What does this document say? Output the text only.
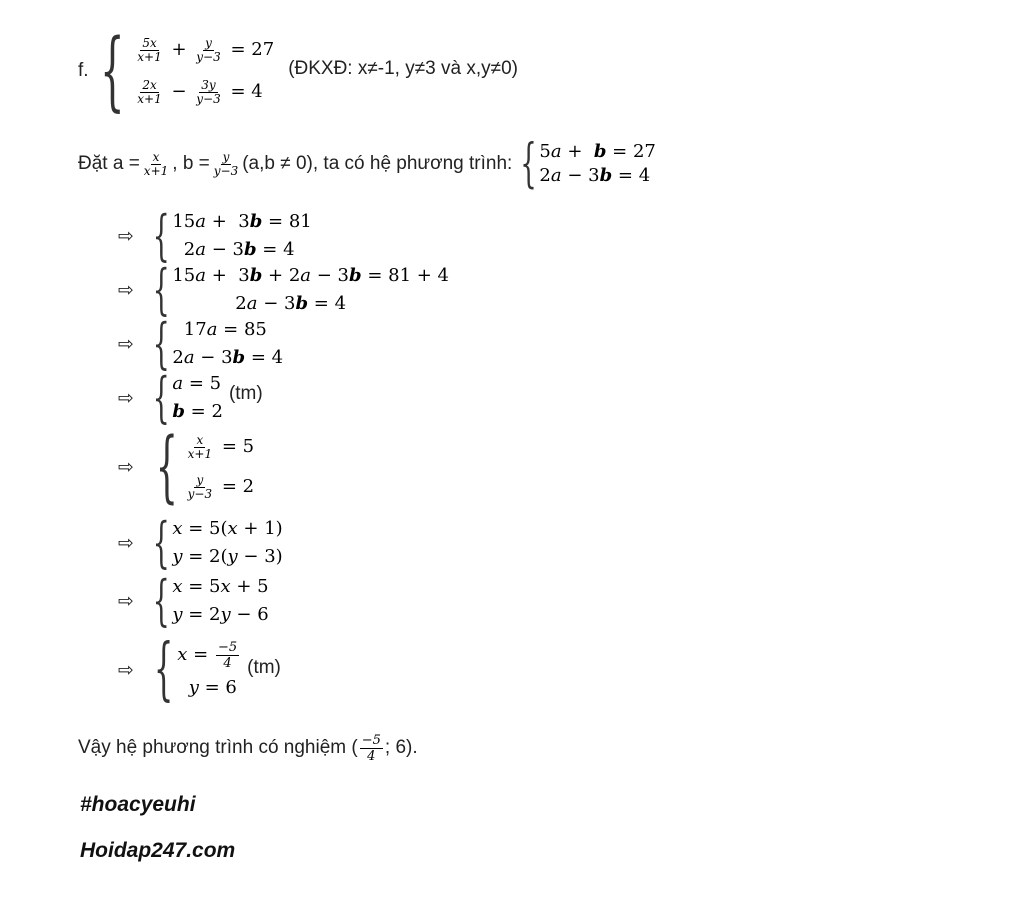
f. { $\frac{5x}{x+1} + \frac{y}{y-3} = 27$
$\frac{2x}{x+1} - \frac{3y}{y-3} = 4$
(ĐKXĐ: x≠-1, y≠3 và x,y≠0)
Đặt $a = \frac{x}{x+1}$ , $b = \frac{y}{y-3} (a,b \ne 0)$, ta có hệ phương trình: { 5a +  b = 27
2a − 3b = 4
⇨ { 15a +  3b = 81
2a − 3b = 4
⇨ { 15a +  3b + 2a − 3b = 81 + 4
2a − 3b = 4
⇨ { 17a = 85
2a − 3b = 4
⇨ { a = 5
b = 2
(tm)
⇨ { $\frac{x}{x+1} = 5$
$\frac{y}{y-3} = 2$
⇨ { x = 5(x + 1)
y = 2(y − 3)
⇨ { x = 5x + 5
y = 2y − 6
⇨ { $x = \frac{-5}{4}$
y = 6
(tm)
Vậy hệ phương trình có nghiệm ( $\frac{-5}{4}$ ; 6).
#hoacyeuhi
Hoidap247.com
